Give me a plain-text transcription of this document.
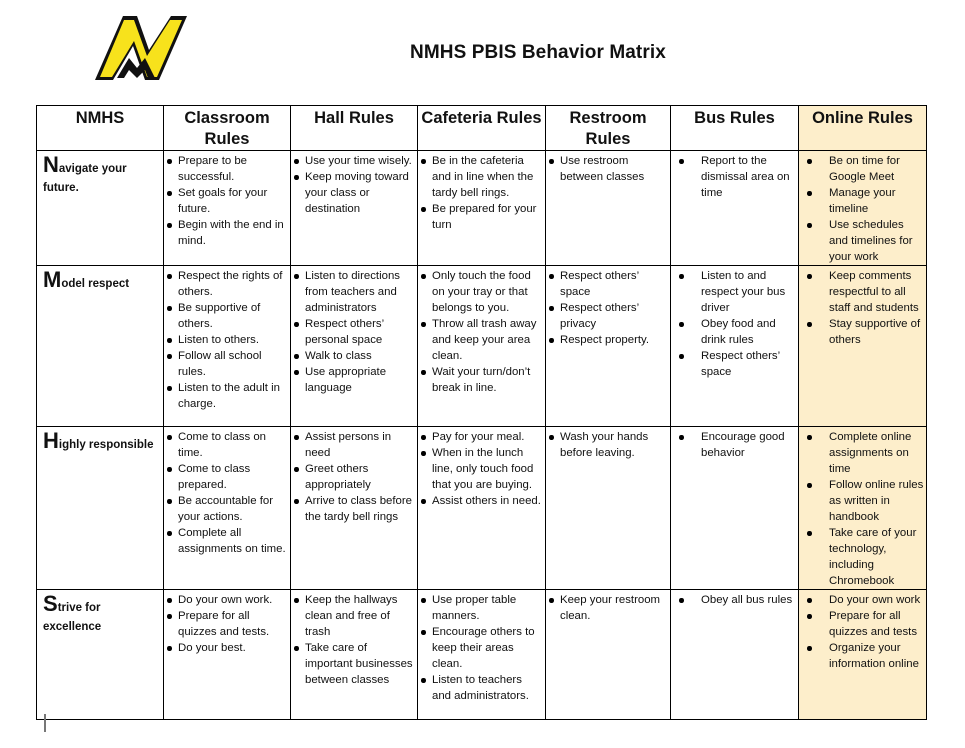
NMHS PBIS Behavior Matrix
NMHS	Classroom Rules	Hall Rules	Cafeteria Rules	Restroom Rules	Bus Rules	Online Rules
Navigate your future.	
Prepare to be successful.
Set goals for your future.
Begin with the end in mind.

Use your time wisely.
Keep moving toward your class or destination

Be in the cafeteria and in line when the tardy bell rings.
Be prepared for your turn

Use restroom between classes

Report to the dismissal area on time

Be on time for Google Meet
Manage your timeline
Use schedules and timelines for your work

Model respect	
Respect the rights of others.
Be supportive of others.
Listen to others.
Follow all school rules.
Listen to the adult in charge.

Listen to directions from teachers and administrators
Respect others’ personal space
Walk to class
Use appropriate language

Only touch the food on your tray or that belongs to you.
Throw all trash away and keep your area clean.
Wait your turn/don’t break in line.

Respect others’ space
Respect others’ privacy
Respect property.

Listen to and respect your bus driver
Obey food and drink rules
Respect others’ space

Keep comments respectful to all staff and students
Stay supportive of others

Highly responsible	
Come to class on time.
Come to class prepared.
Be accountable for your actions.
Complete all assignments on time.

Assist persons in need
Greet others appropriately
Arrive to class before the tardy bell rings

Pay for your meal.
When in the lunch line, only touch food that you are buying.
Assist others in need.

Wash your hands before leaving.

Encourage good behavior

Complete online assignments on time
Follow online rules as written in handbook
Take care of your technology, including Chromebook

Strive for excellence	
Do your own work.
Prepare for all quizzes and tests.
Do your best.

Keep the hallways clean and free of trash
Take care of important businesses between classes

Use proper table manners.
Encourage others to keep their areas clean.
Listen to teachers and administrators.

Keep your restroom clean.

Obey all bus rules	Do your own work
Prepare for all quizzes and tests
Organize your information online
